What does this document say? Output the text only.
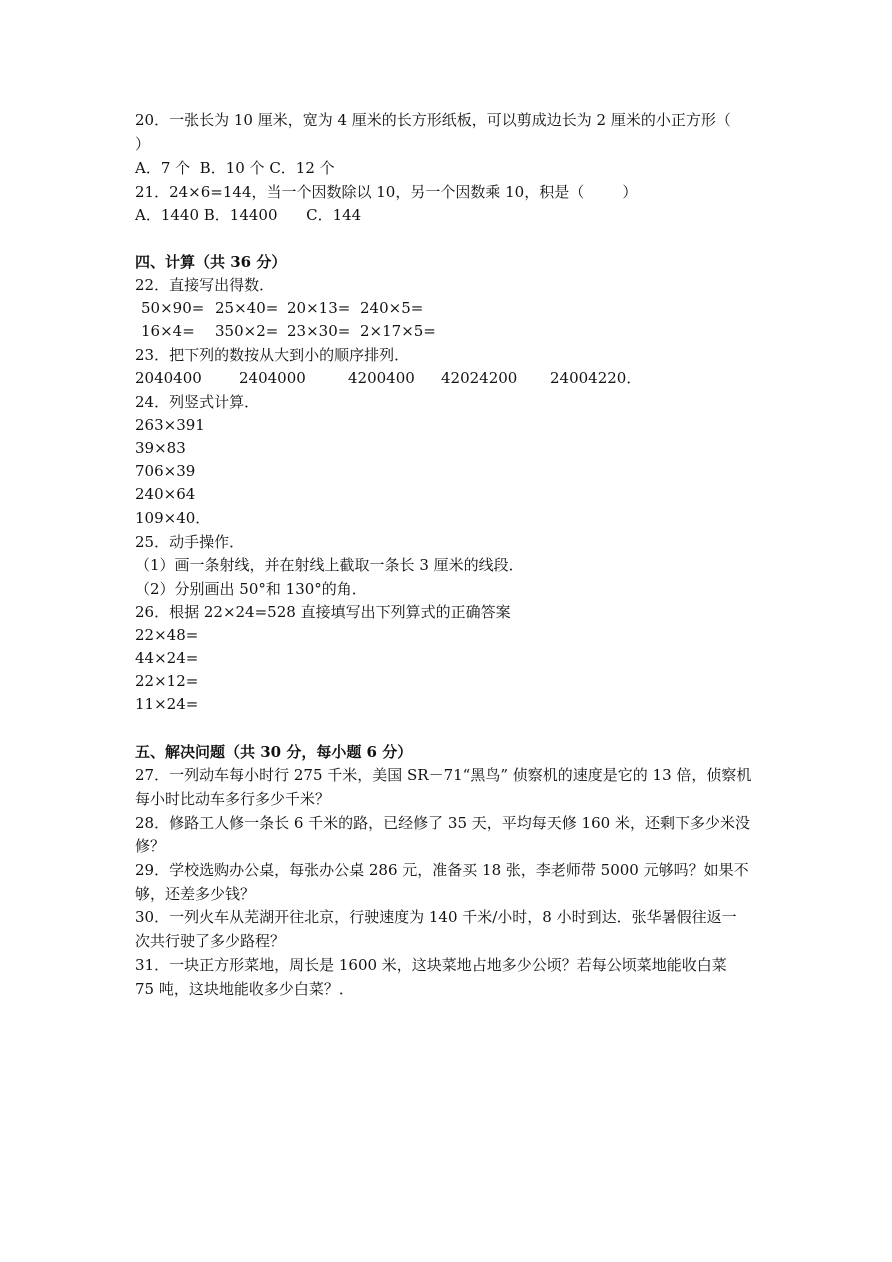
20．一张长为 10 厘米，宽为 4 厘米的长方形纸板，可以剪成边长为 2 厘米的小正方形（
）
A．7 个  B．10 个 C．12 个
21．24×6=144，当一个因数除以 10，另一个因数乘 10，积是（        ）
A．1440 B．14400      C．144
四、计算（共 36 分）
22．直接写出得数．
50×90= 25×40= 20×13= 240×5=
16×4= 350×2= 23×30= 2×17×5=
23．把下列的数按从大到小的顺序排列．
2040400 2404000	4200400 42024200 24004220．
24．列竖式计算．
263×391
39×83
706×39
240×64
109×40．
25．动手操作．
（1）画一条射线，并在射线上截取一条长 3 厘米的线段．
（2）分别画出 50°和 130°的角．
26．根据 22×24=528 直接填写出下列算式的正确答案
22×48=
44×24=
22×12=
11×24=
五、解决问题（共 30 分，每小题 6 分）
27．一列动车每小时行 275 千米，美国 SR－71“黑鸟” 侦察机的速度是它的 13 倍，侦察机
每小时比动车多行多少千米？
28．修路工人修一条长 6 千米的路，已经修了 35 天，平均每天修 160 米，还剩下多少米没
修？
29．学校选购办公桌，每张办公桌 286 元，准备买 18 张，李老师带 5000 元够吗？如果不
够，还差多少钱？
30．一列火车从芜湖开往北京，行驶速度为 140 千米/小时，8 小时到达．张华暑假往返一
次共行驶了多少路程？
31．一块正方形菜地，周长是 1600 米，这块菜地占地多少公顷？若每公顷菜地能收白菜
75 吨，这块地能收多少白菜？．
